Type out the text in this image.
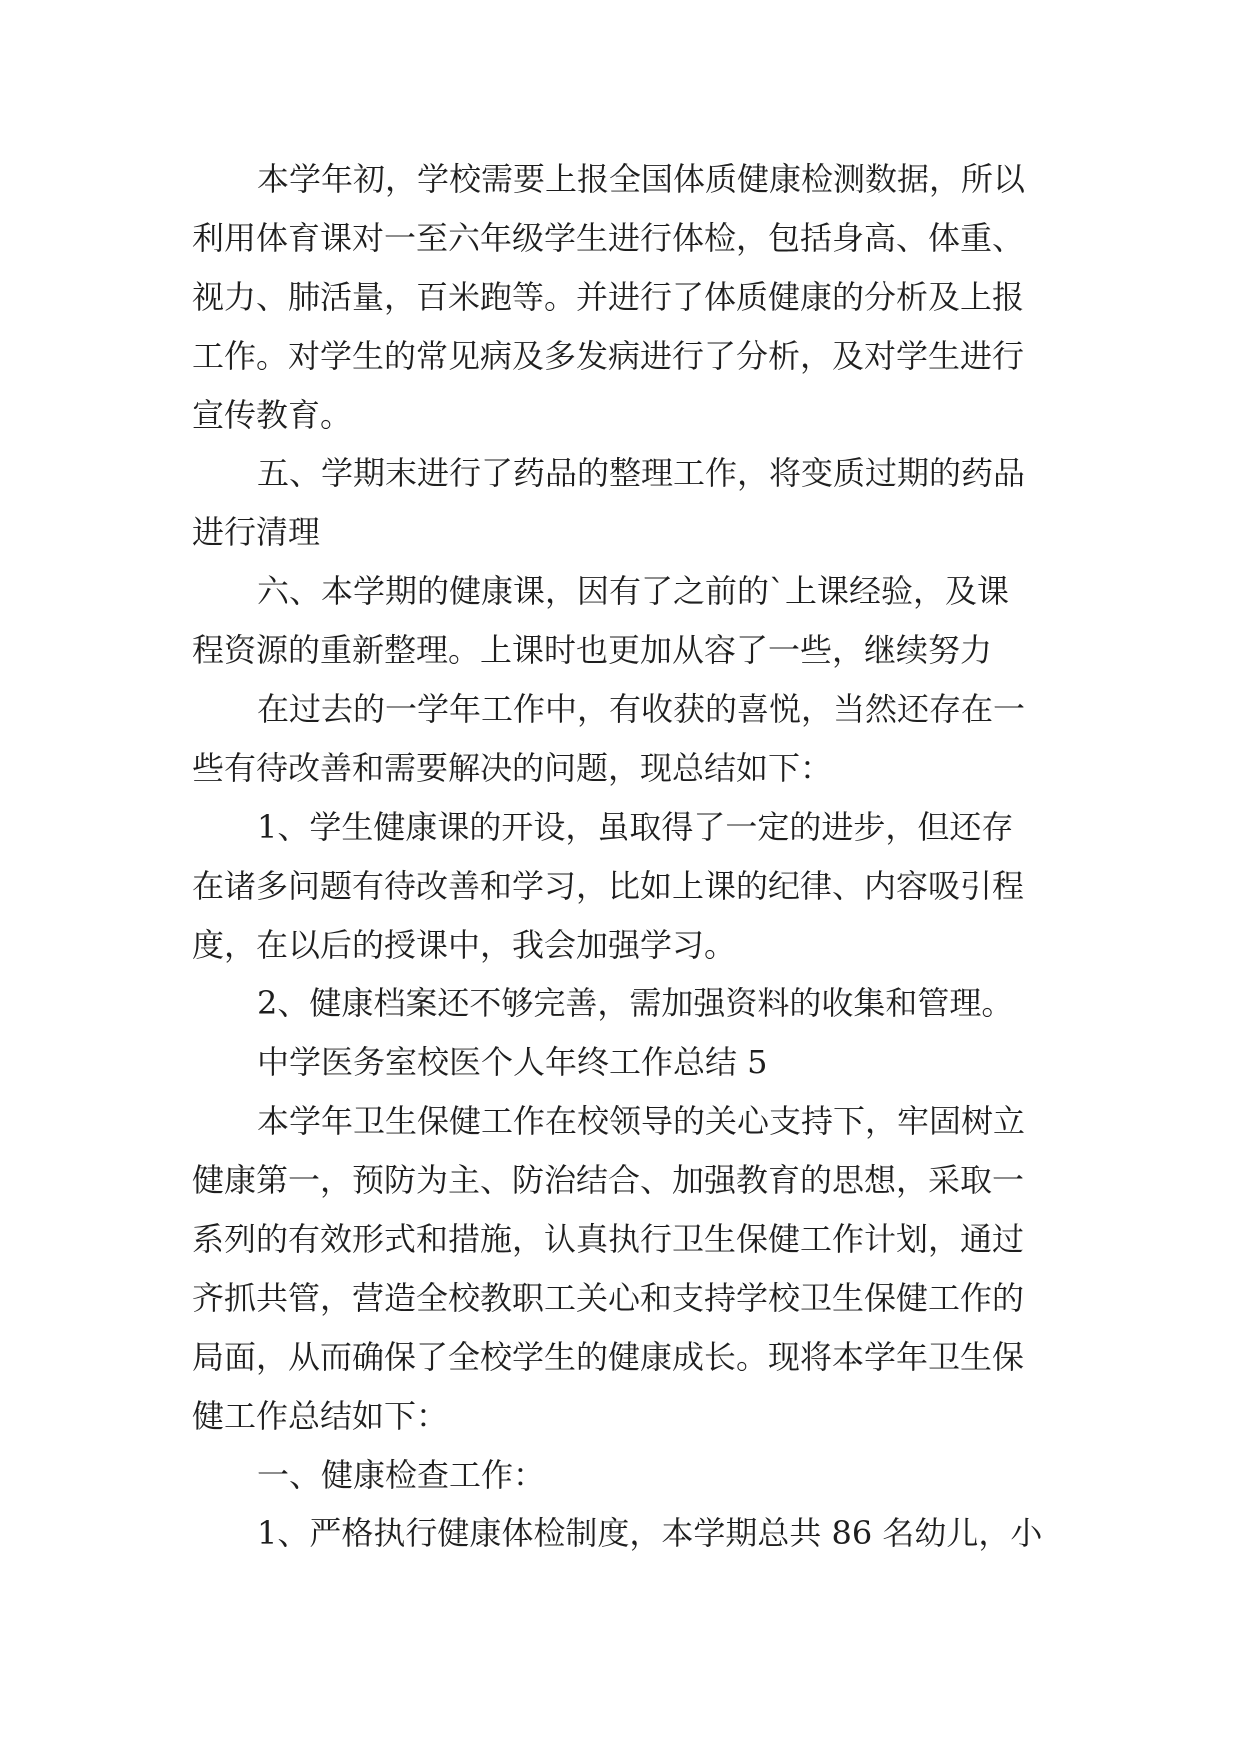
本学年初，学校需要上报全国体质健康检测数据，所以
利用体育课对一至六年级学生进行体检，包括身高、体重、
视力、肺活量，百米跑等。并进行了体质健康的分析及上报
工作。对学生的常见病及多发病进行了分析，及对学生进行
宣传教育。
五、学期末进行了药品的整理工作，将变质过期的药品
进行清理
六、本学期的健康课，因有了之前的`上课经验，及课
程资源的重新整理。上课时也更加从容了一些，继续努力
在过去的一学年工作中，有收获的喜悦，当然还存在一
些有待改善和需要解决的问题，现总结如下：
1、学生健康课的开设，虽取得了一定的进步，但还存
在诸多问题有待改善和学习，比如上课的纪律、内容吸引程
度，在以后的授课中，我会加强学习。
2、健康档案还不够完善，需加强资料的收集和管理。
中学医务室校医个人年终工作总结 5
本学年卫生保健工作在校领导的关心支持下，牢固树立
健康第一，预防为主、防治结合、加强教育的思想，采取一
系列的有效形式和措施，认真执行卫生保健工作计划，通过
齐抓共管，营造全校教职工关心和支持学校卫生保健工作的
局面，从而确保了全校学生的健康成长。现将本学年卫生保
健工作总结如下：
一、健康检查工作：
1、严格执行健康体检制度，本学期总共 86 名幼儿，小
